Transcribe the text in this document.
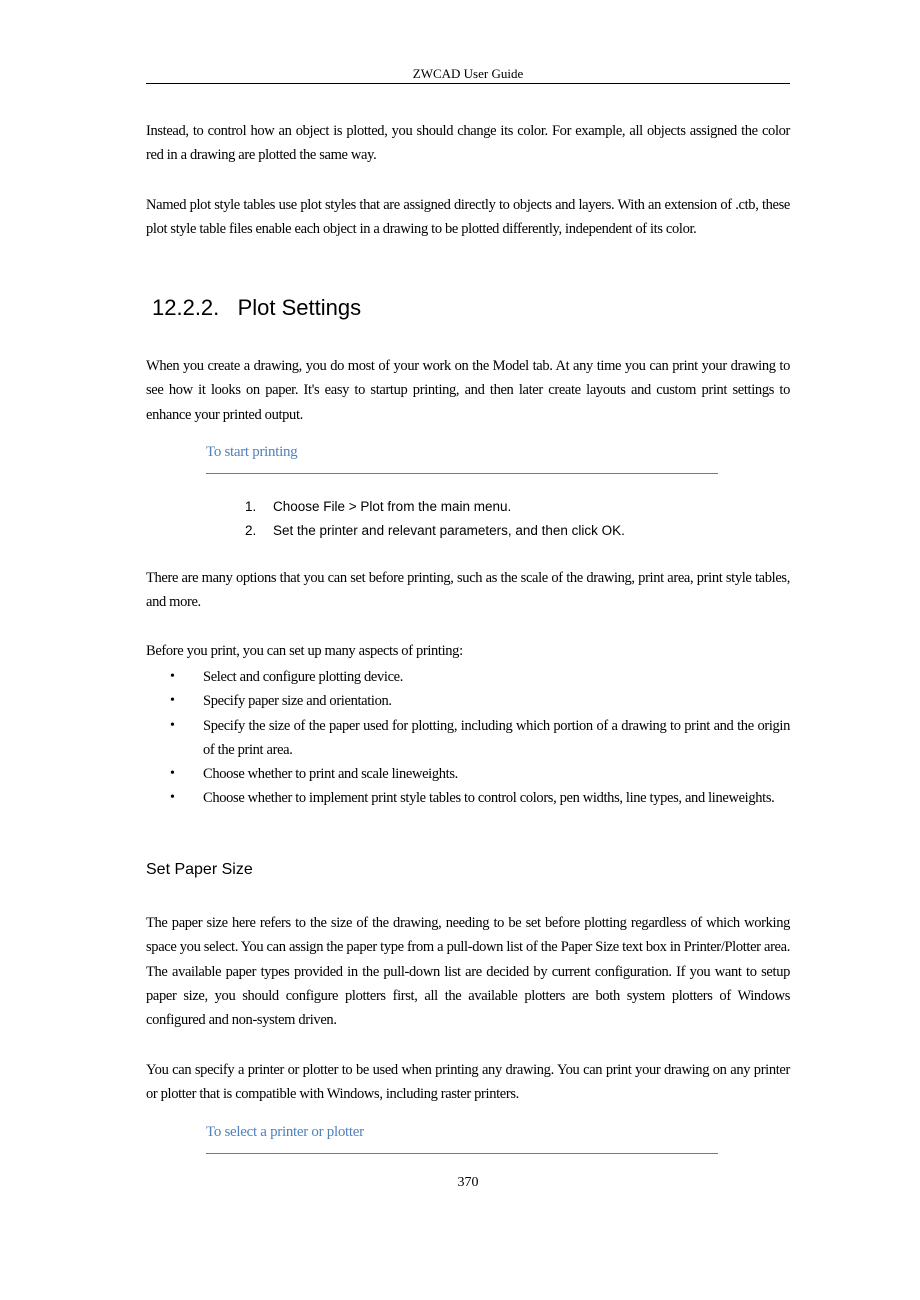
ZWCAD User Guide
Instead, to control how an object is plotted, you should change its color. For example, all objects assigned the color red in a drawing are plotted the same way.
Named plot style tables use plot styles that are assigned directly to objects and layers. With an extension of .ctb, these plot style table files enable each object in a drawing to be plotted differently, independent of its color.
12.2.2.   Plot Settings
When you create a drawing, you do most of your work on the Model tab. At any time you can print your drawing to see how it looks on paper. It's easy to startup printing, and then later create layouts and custom print settings to enhance your printed output.
To start printing
1.	Choose File > Plot from the main menu.
2.	Set the printer and relevant parameters, and then click OK.
There are many options that you can set before printing, such as the scale of the drawing, print area, print style tables, and more.
Before you print, you can set up many aspects of printing:
•	Select and configure plotting device.
•	Specify paper size and orientation.
•	Specify the size of the paper used for plotting, including which portion of a drawing to print and the origin of the print area.
•	Choose whether to print and scale lineweights.
•	Choose whether to implement print style tables to control colors, pen widths, line types, and lineweights.
Set Paper Size
The paper size here refers to the size of the drawing, needing to be set before plotting regardless of which working space you select. You can assign the paper type from a pull-down list of the Paper Size text box in Printer/Plotter area. The available paper types provided in the pull-down list are decided by current configuration. If you want to setup paper size, you should configure plotters first, all the available plotters are both system plotters of Windows configured and non-system driven.
You can specify a printer or plotter to be used when printing any drawing. You can print your drawing on any printer or plotter that is compatible with Windows, including raster printers.
To select a printer or plotter
370
